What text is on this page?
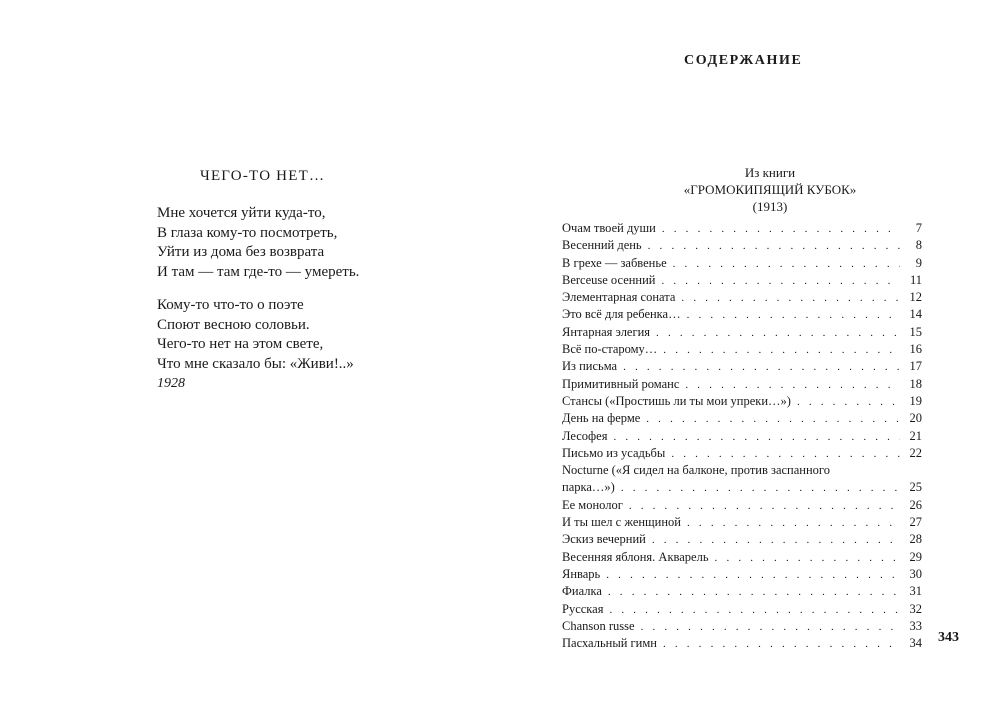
ЧЕГО-ТО НЕТ…

Мне хочется уйти куда-то,
В глаза кому-то посмотреть,
Уйти из дома без возврата
И там — там где-то — умереть.

Кому-то что-то о поэте
Споют весною соловьи.
Чего-то нет на этом свете,
Что мне сказало бы: «Живи!..»

1928
СОДЕРЖАНИЕ
Из книги
«ГРОМОКИПЯЩИЙ КУБОК»
(1913)
Очам твоей души . . .	7
Весенний день . . .	8
В грехе — забвенье . . .	9
Berceuse осенний . . .	11
Элементарная соната . . .	12
Это всё для ребенка… . . .	14
Янтарная элегия . . .	15
Всё по-старому… . . .	16
Из письма . . .	17
Примитивный романс . . .	18
Стансы («Простишь ли ты мои упреки…») . . .	19
День на ферме . . .	20
Лесофея . . .	21
Письмо из усадьбы . . .	22
Nocturne («Я сидел на балконе, против заспанного
парка…») . . .	25
Ее монолог . . .	26
И ты шел с женщиной . . .	27
Эскиз вечерний . . .	28
Весенняя яблоня. Акварель . . .	29
Январь . . .	30
Фиалка . . .	31
Русская . . .	32
Chanson russe . . .	33
Пасхальный гимн . . .	34 343
